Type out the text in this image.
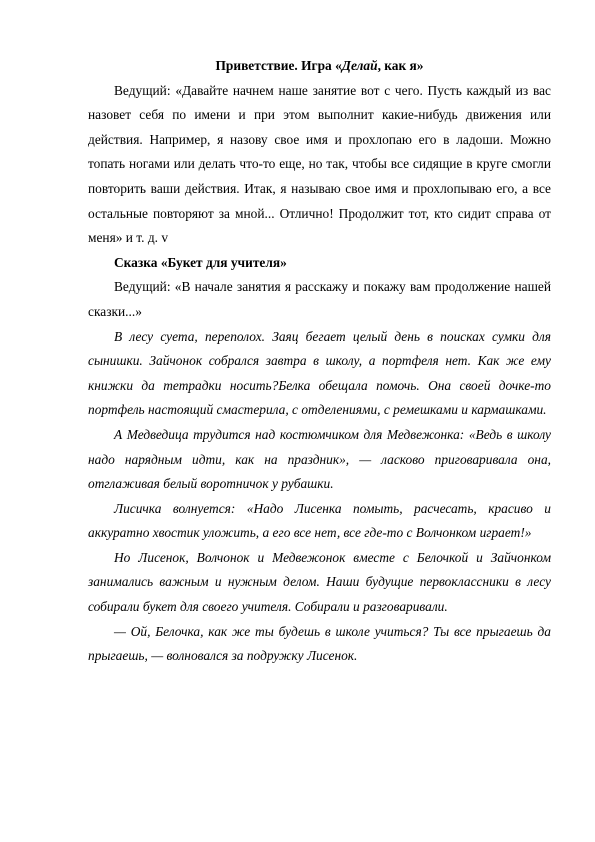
Приветствие. Игра «Делай, как я»

Ведущий: «Давайте начнем наше занятие вот с чего. Пусть каждый из вас назовет себя по имени и при этом выполнит какие-нибудь движения или действия. Например, я назову свое имя и прохлопаю его в ладоши. Можно топать ногами или делать что-то еще, но так, чтобы все сидящие в круге смогли повторить ваши действия. Итак, я называю свое имя и прохлопываю его, а все остальные повторяют за мной... Отлично! Продолжит тот, кто сидит справа от меня» и т. д. v

Сказка «Букет для учителя»

Ведущий: «В начале занятия я расскажу и покажу вам продолжение нашей сказки...»

В лесу суета, переполох. Заяц бегает целый день в поисках сумки для сынишки. Зайчонок собрался завтра в школу, а портфеля нет. Как же ему книжки да тетрадки носить?Белка обещала помочь. Она своей дочке-то портфель настоящий смастерила, с отделениями, с ремешками и кармашками.

А Медведица трудится над костюмчиком для Медвежонка: «Ведь в школу надо нарядным идти, как на праздник», — ласково приговаривала она, отглаживая белый воротничок у рубашки.

Лисичка волнуется: «Надо Лисенка помыть, расчесать, красиво и аккуратно хвостик уложить, а его все нет, все где-то с Волчонком играет!»

Но Лисенок, Волчонок и Медвежонок вместе с Белочкой и Зайчонком занимались важным и нужным делом. Наши будущие первоклассники в лесу собирали букет для своего учителя. Собирали и разговаривали.

— Ой, Белочка, как же ты будешь в школе учиться? Ты все прыгаешь да прыгаешь, — волновался за подружку Лисенок.
